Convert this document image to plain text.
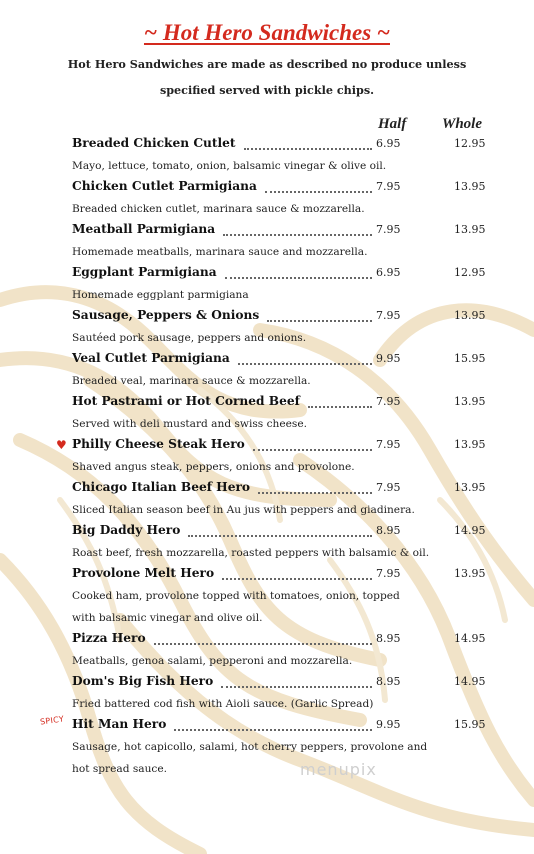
~ Hot Hero Sandwiches ~
Hot Hero Sandwiches are made as described no produce unless
specified served with pickle chips.
Half Whole
Breaded Chicken Cutlet	6.95	12.95
Mayo, lettuce, tomato, onion, balsamic vinegar & olive oil.
Chicken Cutlet Parmigiana	7.95	13.95
Breaded chicken cutlet, marinara sauce & mozzarella.
Meatball Parmigiana	7.95	13.95
Homemade meatballs, marinara sauce and mozzarella.
Eggplant Parmigiana	6.95	12.95
Homemade eggplant parmigiana
Sausage, Peppers & Onions	7.95	13.95
Sautéed pork sausage, peppers and onions.
Veal Cutlet Parmigiana	9.95	15.95
Breaded veal, marinara sauce & mozzarella.
Hot Pastrami or Hot Corned Beef	7.95	13.95
Served with deli mustard and swiss cheese.
♥ Philly Cheese Steak Hero	7.95	13.95
Shaved angus steak, peppers, onions and provolone.
Chicago Italian Beef Hero	7.95	13.95
Sliced Italian season beef in Au jus with peppers and giadinera.
Big Daddy Hero	8.95	14.95
Roast beef, fresh mozzarella, roasted peppers with balsamic & oil.
Provolone Melt Hero	7.95	13.95
Cooked ham, provolone topped with tomatoes, onion, topped
with balsamic vinegar and olive oil.
Pizza Hero	8.95	14.95
Meatballs, genoa salami, pepperoni and mozzarella.
Dom's Big Fish Hero	8.95	14.95
Fried battered cod fish with Aioli sauce. (Garlic Spread)
SPICY Hit Man Hero	9.95	15.95
Sausage, hot capicollo, salami, hot cherry peppers, provolone and
hot spread sauce.	menupix
